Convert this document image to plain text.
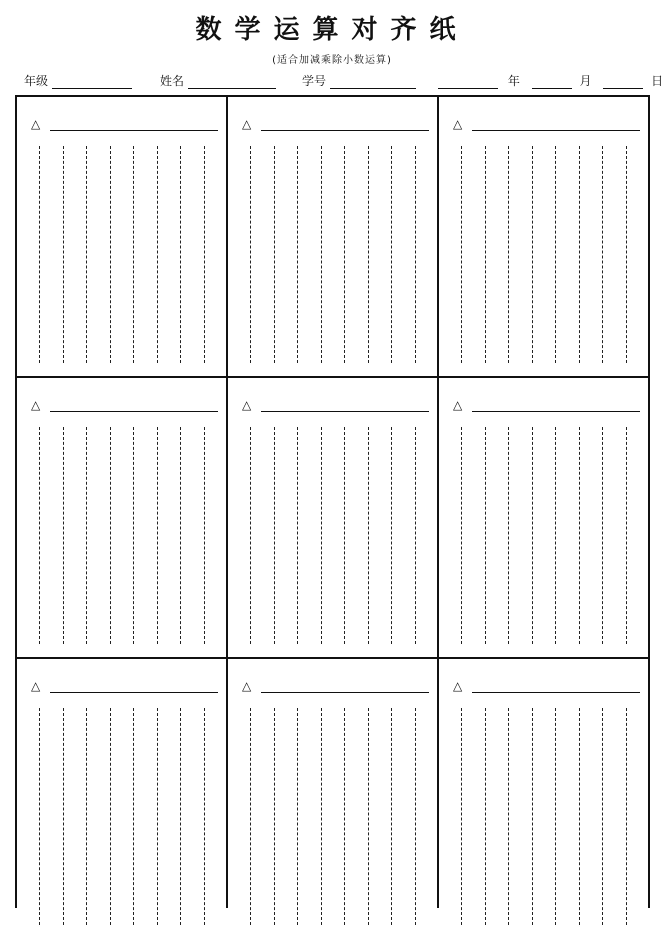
数学运算对齐纸
(适合加减乘除小数运算)
年级	姓名	学号	年	月	日
△	△	△
△	△	△
△	△	△
